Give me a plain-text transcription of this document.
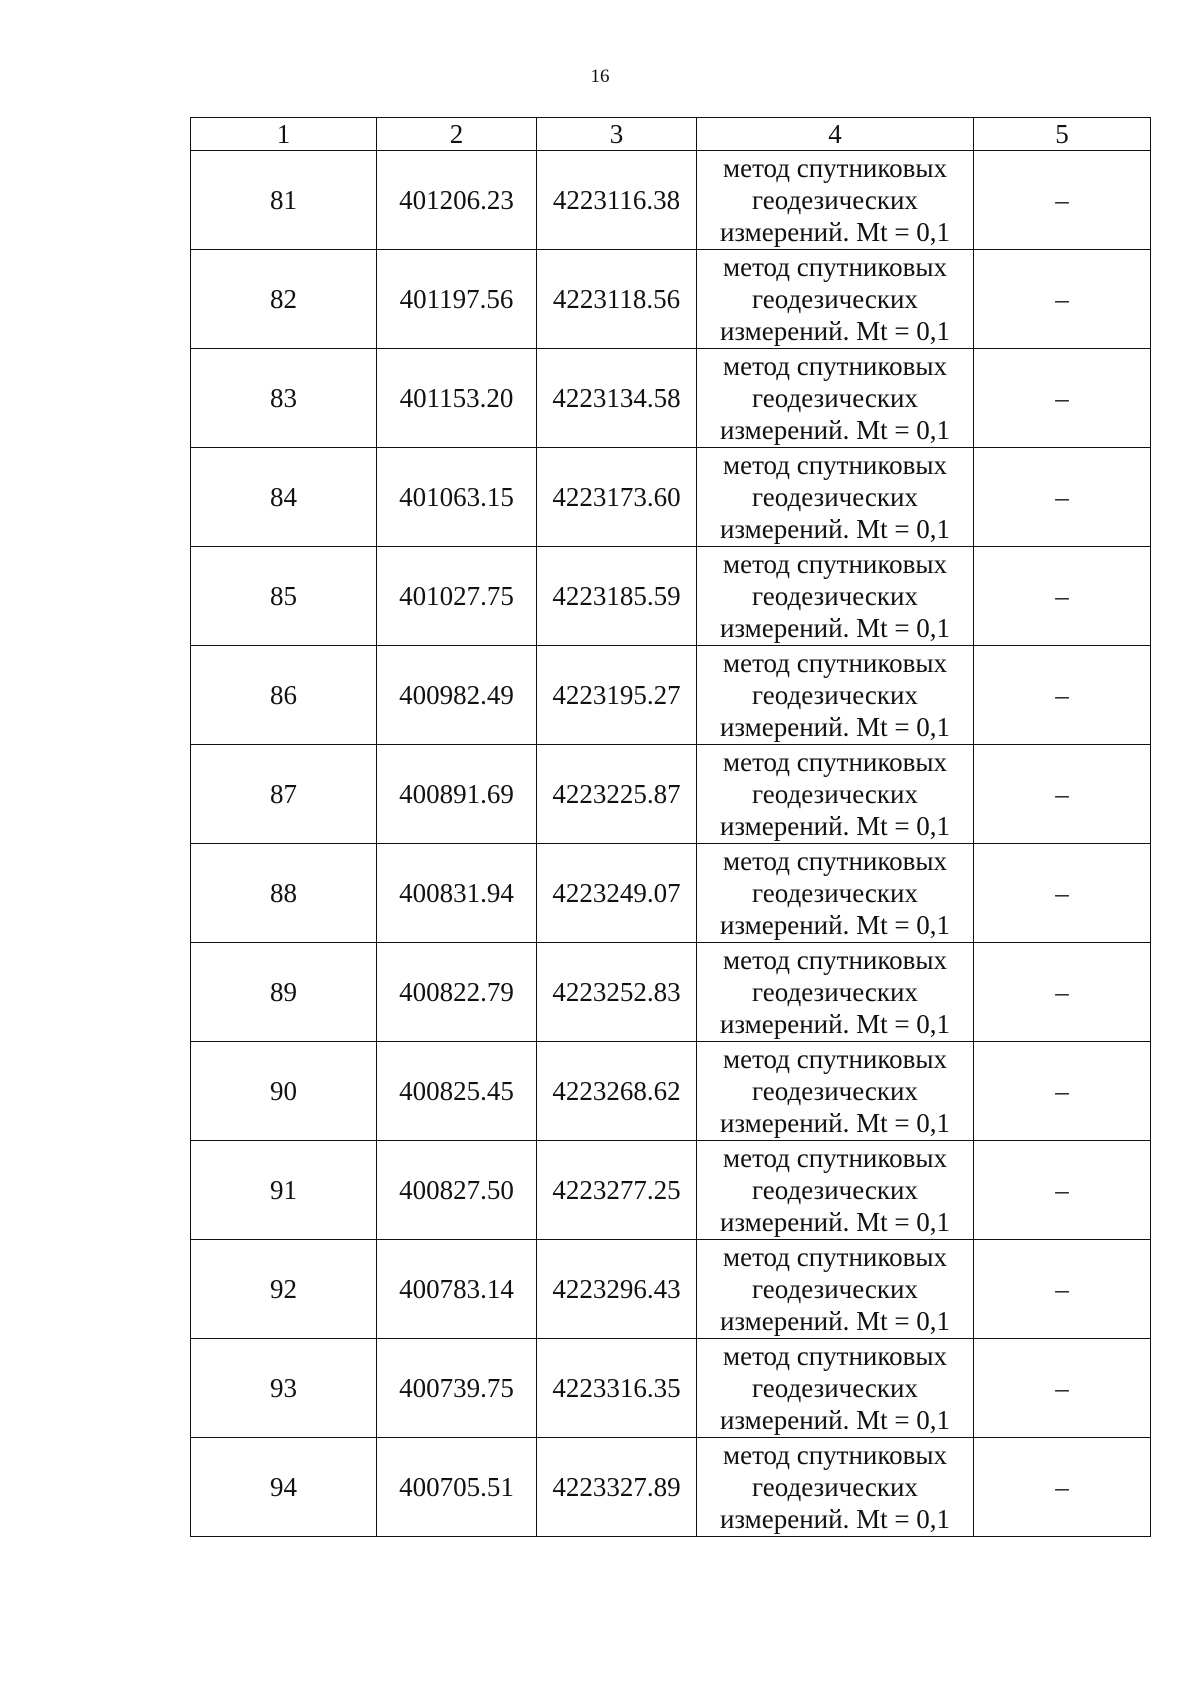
16
1	2	3	4	5
81	401206.23	4223116.38	метод спутниковых
геодезических
измерений. Mt = 0,1	–
82	401197.56	4223118.56	метод спутниковых
геодезических
измерений. Mt = 0,1	–
83	401153.20	4223134.58	метод спутниковых
геодезических
измерений. Mt = 0,1	–
84	401063.15	4223173.60	метод спутниковых
геодезических
измерений. Mt = 0,1	–
85	401027.75	4223185.59	метод спутниковых
геодезических
измерений. Mt = 0,1	–
86	400982.49	4223195.27	метод спутниковых
геодезических
измерений. Mt = 0,1	–
87	400891.69	4223225.87	метод спутниковых
геодезических
измерений. Mt = 0,1	–
88	400831.94	4223249.07	метод спутниковых
геодезических
измерений. Mt = 0,1	–
89	400822.79	4223252.83	метод спутниковых
геодезических
измерений. Mt = 0,1	–
90	400825.45	4223268.62	метод спутниковых
геодезических
измерений. Mt = 0,1	–
91	400827.50	4223277.25	метод спутниковых
геодезических
измерений. Mt = 0,1	–
92	400783.14	4223296.43	метод спутниковых
геодезических
измерений. Mt = 0,1	–
93	400739.75	4223316.35	метод спутниковых
геодезических
измерений. Mt = 0,1	–
94	400705.51	4223327.89	метод спутниковых
геодезических
измерений. Mt = 0,1	–
